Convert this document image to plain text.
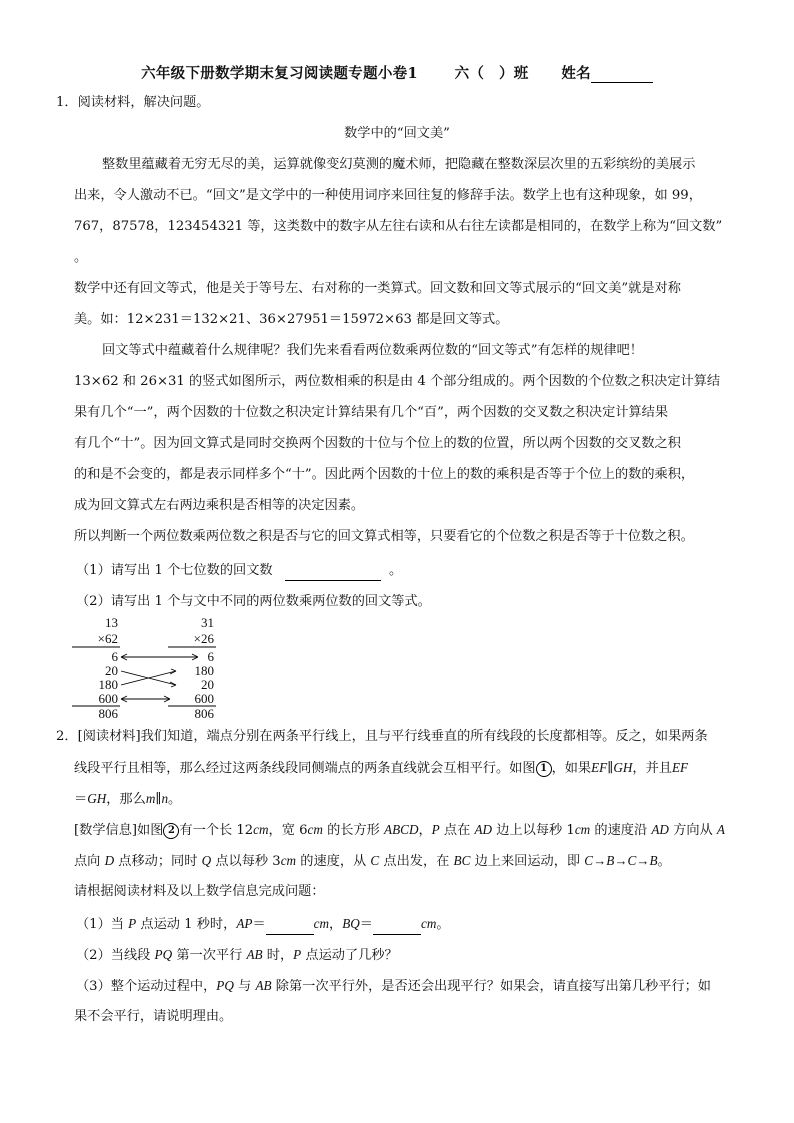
六年级下册数学期末复习阅读题专题小卷1	六（　）班 姓名
1．阅读材料，解决问题。
数学中的“回文美”
整数里蕴藏着无穷无尽的美，运算就像变幻莫测的魔术师，把隐藏在整数深层次里的五彩缤纷的美展示
出来，令人激动不已。“回文”是文学中的一种使用词序来回往复的修辞手法。数学上也有这种现象，如 99，
767，87578，123454321 等，这类数中的数字从左往右读和从右往左读都是相同的，在数学上称为“回文数”
。
数学中还有回文等式，他是关于等号左、右对称的一类算式。回文数和回文等式展示的“回文美”就是对称
美。如：12×231＝132×21、36×27951＝15972×63 都是回文等式。
回文等式中蕴藏着什么规律呢？我们先来看看两位数乘两位数的“回文等式”有怎样的规律吧！
13×62 和 26×31 的竖式如图所示，两位数相乘的积是由 4 个部分组成的。两个因数的个位数之积决定计算结
果有几个“一”，两个因数的十位数之积决定计算结果有几个“百”，两个因数的交叉数之积决定计算结果
有几个“十”。因为回文算式是同时交换两个因数的十位与个位上的数的位置，所以两个因数的交叉数之积
的和是不会变的，都是表示同样多个“十”。因此两个因数的十位上的数的乘积是否等于个位上的数的乘积，
成为回文算式左右两边乘积是否相等的决定因素。
所以判断一个两位数乘两位数之积是否与它的回文算式相等，只要看它的个位数之积是否等于十位数之积。
（1）请写出 1 个七位数的回文数	。
（2）请写出 1 个与文中不同的两位数乘两位数的回文等式。
13
×62
6
20
180
600
806
31
×26
6
180
20
600
806
2．[阅读材料]我们知道，端点分别在两条平行线上，且与平行线垂直的所有线段的长度都相等。反之，如果两条
线段平行且相等，那么经过这两条线段同侧端点的两条直线就会互相平行。如图 1 ，如果EF∥GH，并且EF
＝GH，那么m∥n。
[数学信息]如图 2 有一个长 12cm，宽 6cm 的长方形 ABCD，P 点在 AD 边上以每秒 1cm 的速度沿 AD 方向从 A
点向 D 点移动；同时 Q 点以每秒 3cm 的速度，从 C 点出发，在 BC 边上来回运动，即 C→B→C→B。
请根据阅读材料及以上数学信息完成问题：
（1）当 P 点运动 1 秒时，AP＝	cm，BQ＝	cm。
（2）当线段 PQ 第一次平行 AB 时，P 点运动了几秒？
（3）整个运动过程中，PQ 与 AB 除第一次平行外，是否还会出现平行？如果会，请直接写出第几秒平行；如
果不会平行，请说明理由。
